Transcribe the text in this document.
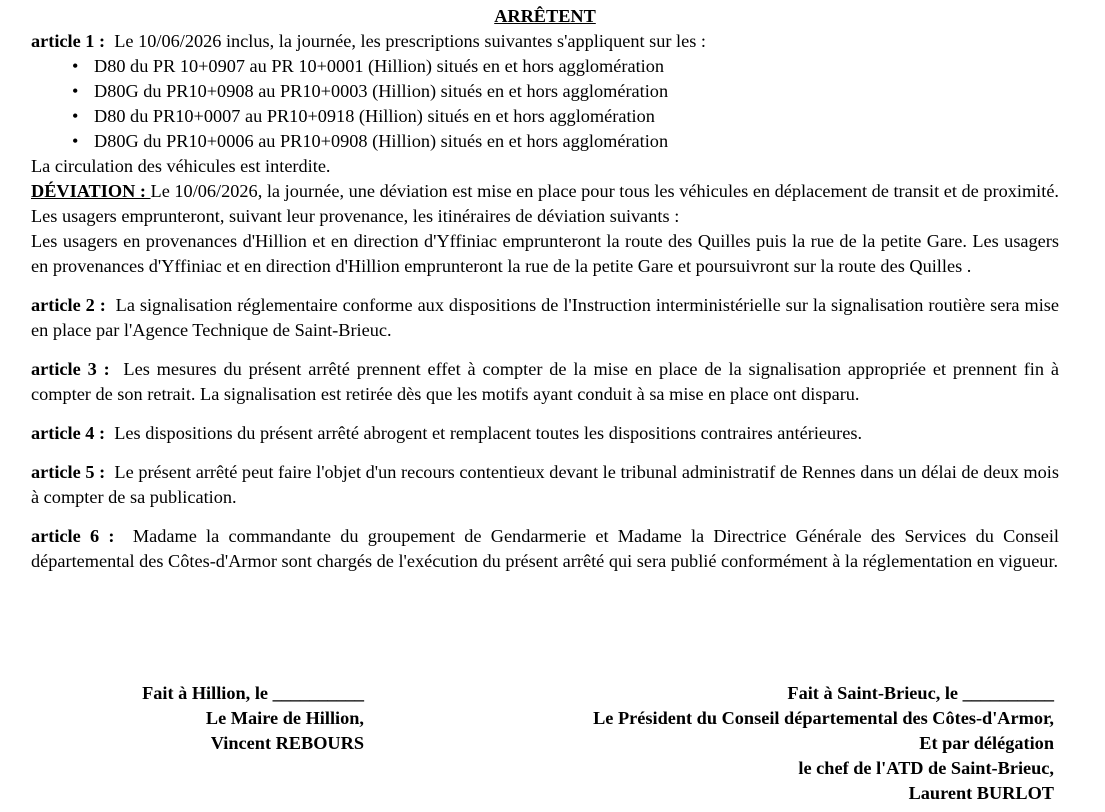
ARRÊTENT

article 1 : Le 10/06/2026 inclus, la journée, les prescriptions suivantes s'appliquent sur les :

• D80 du PR 10+0907 au PR 10+0001 (Hillion) situés en et hors agglomération
• D80G du PR10+0908 au PR10+0003 (Hillion) situés en et hors agglomération
• D80 du PR10+0007 au PR10+0918 (Hillion) situés en et hors agglomération
• D80G du PR10+0006 au PR10+0908 (Hillion) situés en et hors agglomération

La circulation des véhicules est interdite.

DÉVIATION : Le 10/06/2026, la journée, une déviation est mise en place pour tous les véhicules en déplacement de transit et de proximité. Les usagers emprunteront, suivant leur provenance, les itinéraires de déviation suivants :

Les usagers en provenances d'Hillion et en direction d'Yffiniac emprunteront la route des Quilles puis la rue de la petite Gare. Les usagers en provenances d'Yffiniac et en direction d'Hillion emprunteront la rue de la petite Gare et poursuivront sur la route des Quilles .

article 2 : La signalisation réglementaire conforme aux dispositions de l'Instruction interministérielle sur la signalisation routière sera mise en place par l'Agence Technique de Saint-Brieuc.

article 3 : Les mesures du présent arrêté prennent effet à compter de la mise en place de la signalisation appropriée et prennent fin à compter de son retrait. La signalisation est retirée dès que les motifs ayant conduit à sa mise en place ont disparu.

article 4 : Les dispositions du présent arrêté abrogent et remplacent toutes les dispositions contraires antérieures.

article 5 : Le présent arrêté peut faire l'objet d'un recours contentieux devant le tribunal administratif de Rennes dans un délai de deux mois à compter de sa publication.

article 6 : Madame la commandante du groupement de Gendarmerie et Madame la Directrice Générale des Services du Conseil départemental des Côtes-d'Armor sont chargés de l'exécution du présent arrêté qui sera publié conformément à la réglementation en vigueur.

Fait à Hillion, le __________
Le Maire de Hillion,
Vincent REBOURS
Fait à Saint-Brieuc, le __________
Le Président du Conseil départemental des Côtes-d'Armor,
Et par délégation
le chef de l'ATD de Saint-Brieuc,
Laurent BURLOT
